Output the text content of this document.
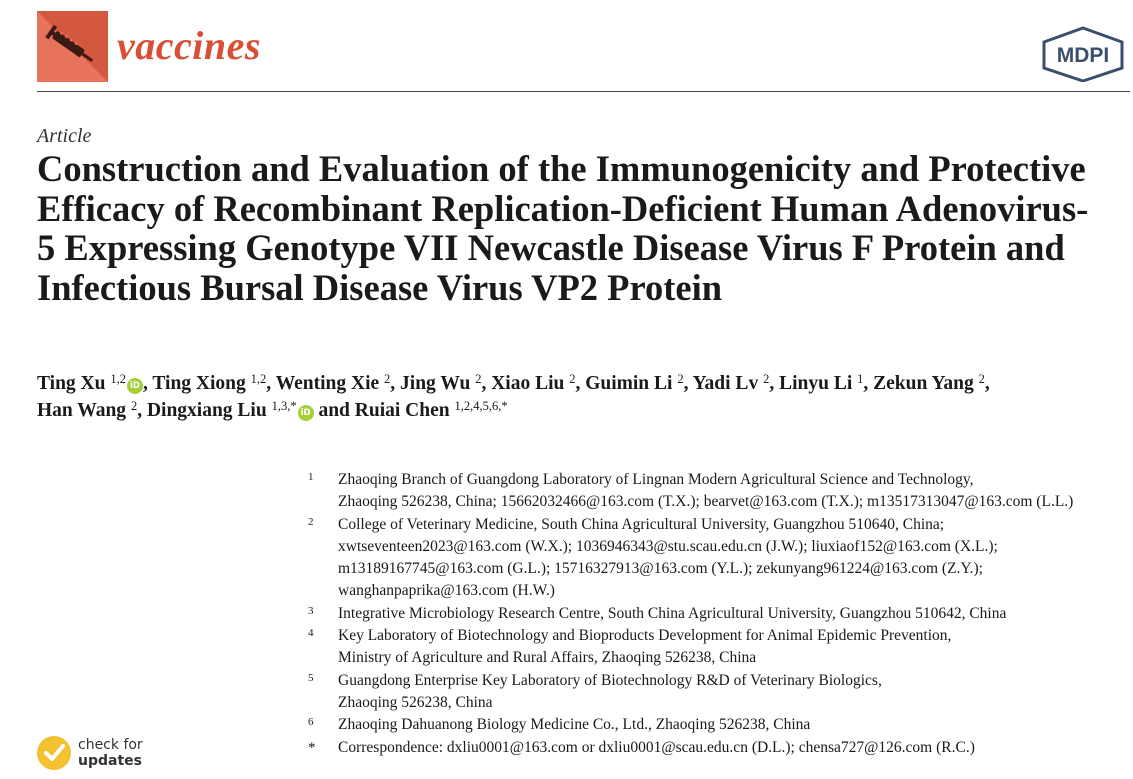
vaccines	MDPI
Article
Construction and Evaluation of the Immunogenicity and Protective Efficacy of Recombinant Replication-Deficient Human Adenovirus-5 Expressing Genotype VII Newcastle Disease Virus F Protein and Infectious Bursal Disease Virus VP2 Protein
Ting Xu $^{1,2}$ iD , Ting Xiong $^{1,2}$, Wenting Xie $^2$, Jing Wu $^2$, Xiao Liu $^2$, Guimin Li $^2$, Yadi Lv $^2$, Linyu Li $^1$, Zekun Yang $^2$,
Han Wang $^2$, Dingxiang Liu $^{1,3,*}$ iD and Ruiai Chen $^{1,2,4,5,6,*}$
1 Zhaoqing Branch of Guangdong Laboratory of Lingnan Modern Agricultural Science and Technology,
Zhaoqing 526238, China; 15662032466@163.com (T.X.); bearvet@163.com (T.X.); m13517313047@163.com (L.L.)
2 College of Veterinary Medicine, South China Agricultural University, Guangzhou 510640, China;
xwtseventeen2023@163.com (W.X.); 1036946343@stu.scau.edu.cn (J.W.); liuxiaof152@163.com (X.L.);
m13189167745@163.com (G.L.); 15716327913@163.com (Y.L.); zekunyang961224@163.com (Z.Y.);
wanghanpaprika@163.com (H.W.)
3 Integrative Microbiology Research Centre, South China Agricultural University, Guangzhou 510642, China
4 Key Laboratory of Biotechnology and Bioproducts Development for Animal Epidemic Prevention,
Ministry of Agriculture and Rural Affairs, Zhaoqing 526238, China
5 Guangdong Enterprise Key Laboratory of Biotechnology R&D of Veterinary Biologics,
Zhaoqing 526238, China
6 Zhaoqing Dahuanong Biology Medicine Co., Ltd., Zhaoqing 526238, China
* Correspondence: dxliu0001@163.com or dxliu0001@scau.edu.cn (D.L.); chensa727@126.com (R.C.)
check for
updates
